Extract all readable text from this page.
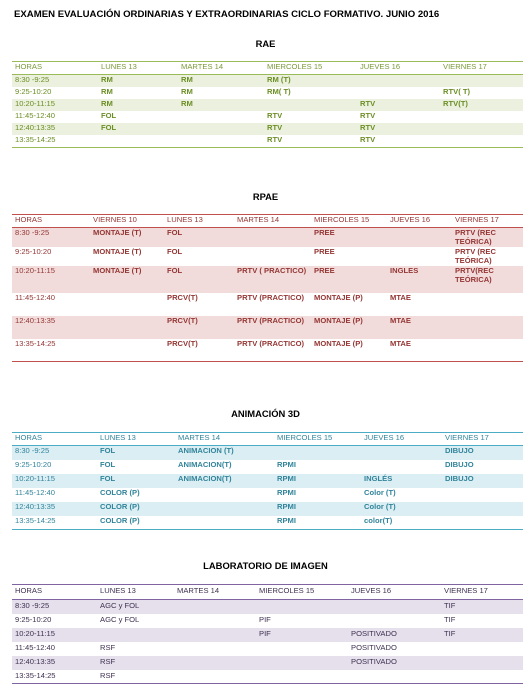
EXAMEN EVALUACIÓN ORDINARIAS Y EXTRAORDINARIAS CICLO FORMATIVO. JUNIO 2016
RAE
HORAS	LUNES 13	MARTES 14	MIERCOLES 15	JUEVES 16	VIERNES 17
8:30 -9:25	RM	RM	RM (T)		
9:25-10:20	RM	RM	RM( T)		RTV( T)
10:20-11:15	RM	RM		RTV	RTV(T)
11:45-12:40	FOL		RTV	RTV	
12:40:13:35	FOL		RTV	RTV	
13:35-14:25			RTV	RTV	
RPAE
HORAS	VIERNES 10	LUNES 13	MARTES 14	MIERCOLES 15	JUEVES 16	VIERNES 17
8:30 -9:25	MONTAJE (T)	FOL		PREE		PRTV (REC TEÓRICA)
9:25-10:20	MONTAJE (T)	FOL		PREE		PRTV (REC TEÓRICA)
10:20-11:15	MONTAJE (T)	FOL	PRTV ( PRACTICO)	PREE	INGLES	PRTV(REC TEÓRICA)
11:45-12:40		PRCV(T)	PRTV (PRACTICO)	MONTAJE (P)	MTAE	
12:40:13:35		PRCV(T)	PRTV (PRACTICO)	MONTAJE (P)	MTAE	
13:35-14:25		PRCV(T)	PRTV (PRACTICO)	MONTAJE (P)	MTAE	
ANIMACIÓN 3D
HORAS	LUNES 13	MARTES 14	MIERCOLES 15	JUEVES 16	VIERNES 17
8:30 -9:25	FOL	ANIMACION (T)			DIBUJO
9:25-10:20	FOL	ANIMACION(T)	RPMI		DIBUJO
10:20-11:15	FOL	ANIMACION(T)	RPMI	INGLÉS	DIBUJO
11:45-12:40	COLOR (P)		RPMI	Color (T)	
12:40:13:35	COLOR (P)		RPMI	Color (T)	
13:35-14:25	COLOR (P)		RPMI	color(T)	
LABORATORIO DE IMAGEN
HORAS	LUNES 13	MARTES 14	MIERCOLES 15	JUEVES 16	VIERNES 17
8:30 -9:25	AGC y FOL				TIF
9:25-10:20	AGC y FOL		PIF		TIF
10:20-11:15			PIF	POSITIVADO	TIF
11:45-12:40	RSF			POSITIVADO	
12:40:13:35	RSF			POSITIVADO	
13:35-14:25	RSF				
